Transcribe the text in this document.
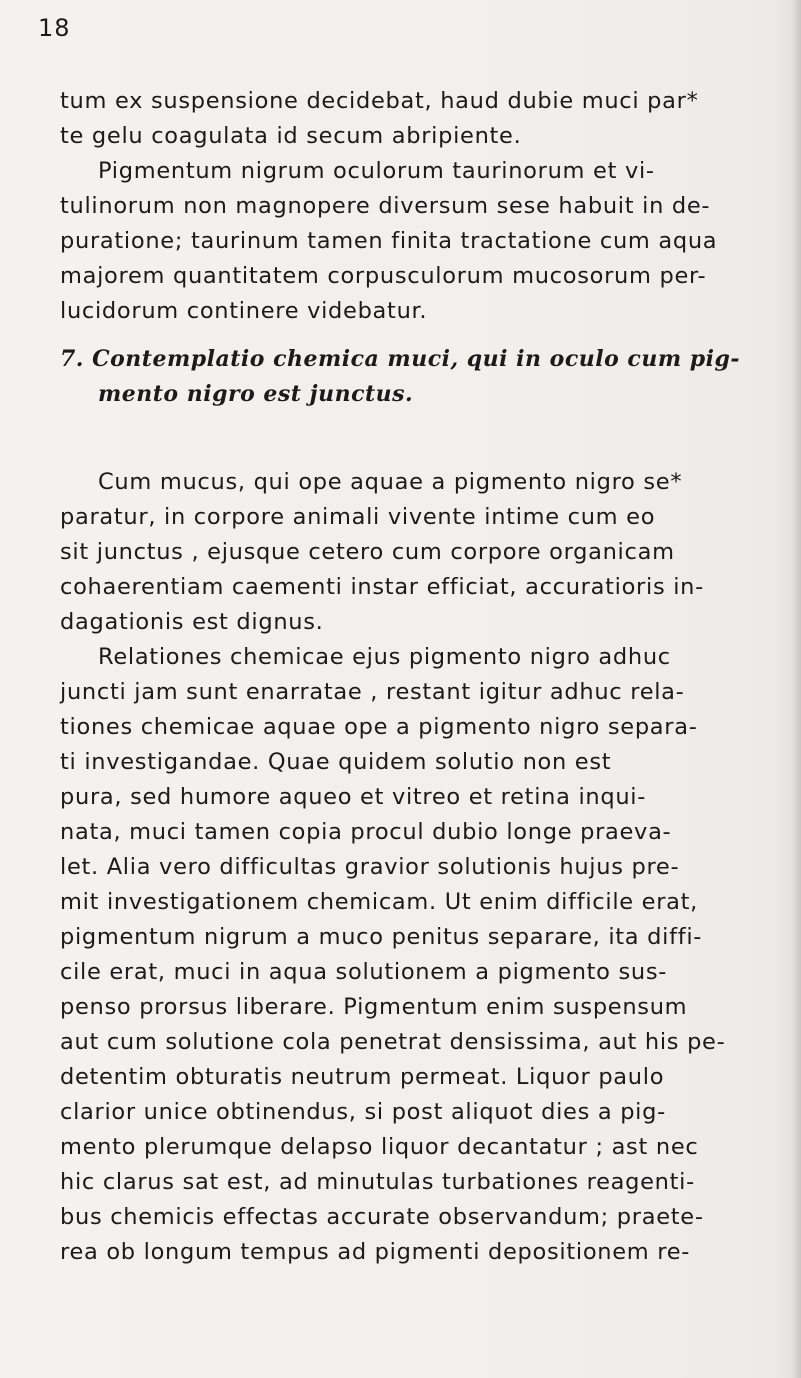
18
tum ex suspensione decidebat, haud dubie muci par*
te gelu coagulata id secum abripiente.
Pigmentum nigrum oculorum taurinorum et vi-
tulinorum non magnopere diversum sese habuit in de-
puratione; taurinum tamen finita tractatione cum aqua
majorem quantitatem corpusculorum mucosorum per-
lucidorum continere videbatur.
7. Contemplatio chemica muci, qui in oculo cum pig-
mento nigro est junctus.
Cum mucus, qui ope aquae a pigmento nigro se*
paratur, in corpore animali vivente intime cum eo
sit junctus , ejusque cetero cum corpore organicam
cohaerentiam caementi instar efficiat, accuratioris in-
dagationis est dignus.
Relationes chemicae ejus pigmento nigro adhuc
juncti jam sunt enarratae , restant igitur adhuc rela-
tiones chemicae aquae ope a pigmento nigro separa-
ti investigandae. Quae quidem solutio non est
pura, sed humore aqueo et vitreo et retina inqui-
nata, muci tamen copia procul dubio longe praeva-
let. Alia vero difficultas gravior solutionis hujus pre-
mit investigationem chemicam. Ut enim difficile erat,
pigmentum nigrum a muco penitus separare, ita diffi-
cile erat, muci in aqua solutionem a pigmento sus-
penso prorsus liberare. Pigmentum enim suspensum
aut cum solutione cola penetrat densissima, aut his pe-
detentim obturatis neutrum permeat. Liquor paulo
clarior unice obtinendus, si post aliquot dies a pig-
mento plerumque delapso liquor decantatur ; ast nec
hic clarus sat est, ad minutulas turbationes reagenti-
bus chemicis effectas accurate observandum; praete-
rea ob longum tempus ad pigmenti depositionem re-
